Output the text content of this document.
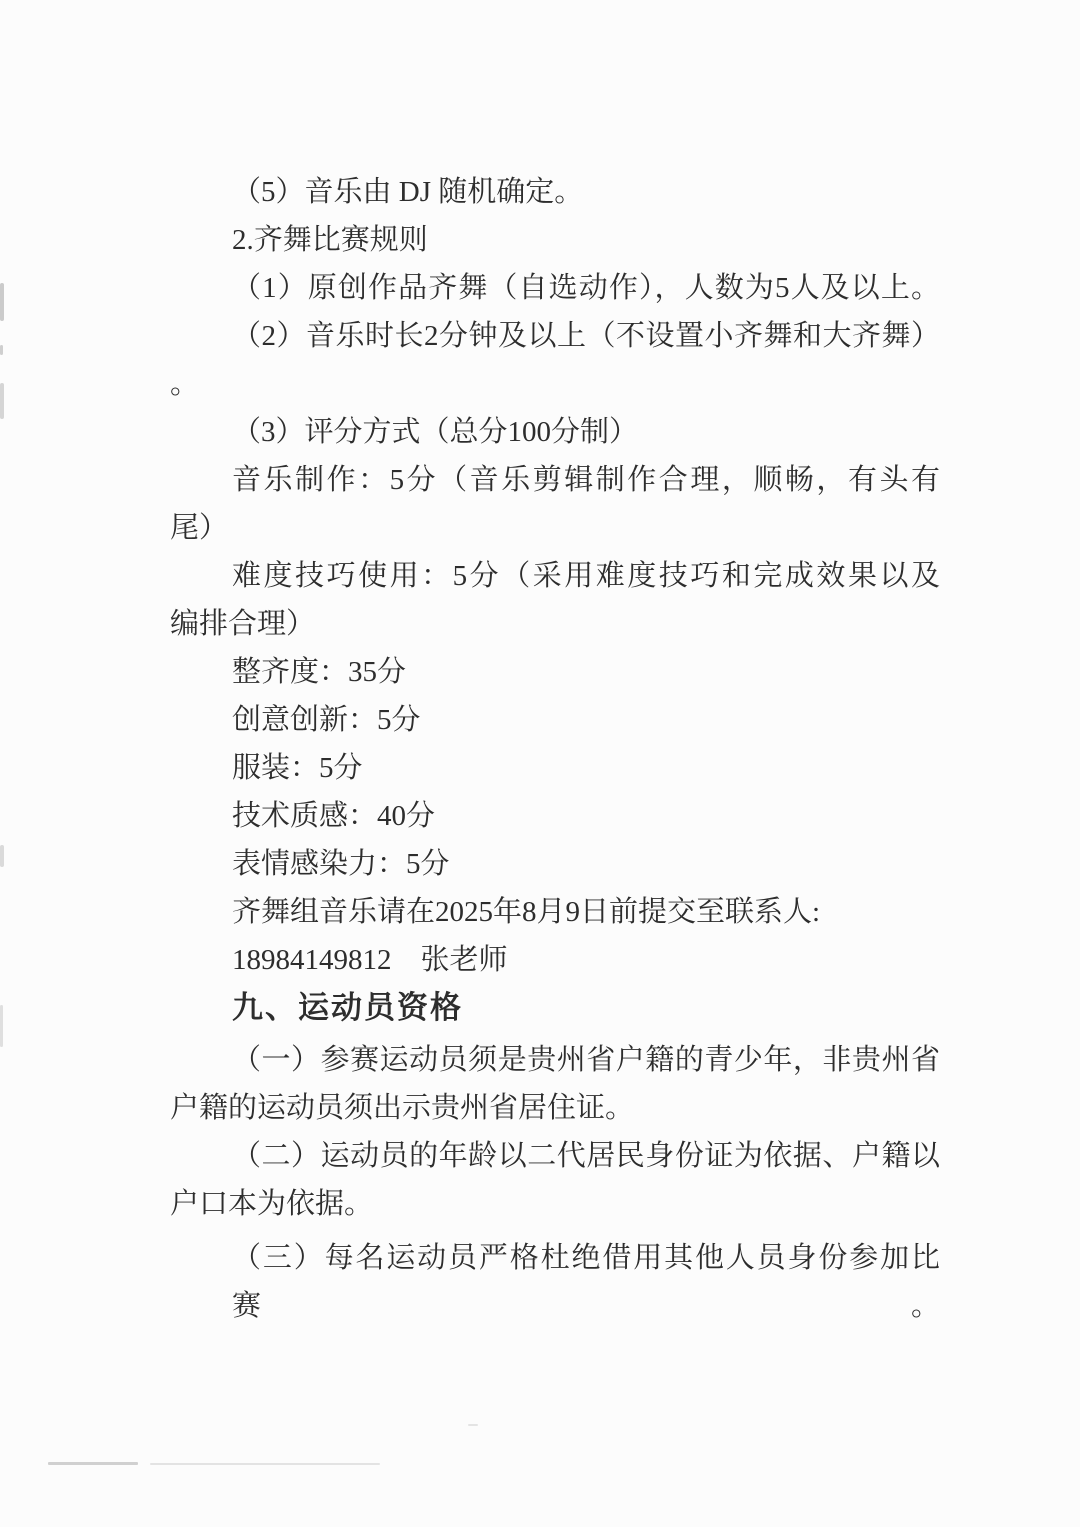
（5）音乐由 DJ 随机确定。
2.齐舞比赛规则
（1）原创作品齐舞（自选动作），人数为5人及以上。
（2）音乐时长2分钟及以上（不设置小齐舞和大齐舞）
。
（3）评分方式（总分100分制）
音乐制作：5分（音乐剪辑制作合理，顺畅，有头有
尾）
难度技巧使用：5分（采用难度技巧和完成效果以及
编排合理）
整齐度：35分
创意创新：5分
服装：5分
技术质感：40分
表情感染力：5分
齐舞组音乐请在2025年8月9日前提交至联系人:
18984149812　张老师
九、运动员资格
（一）参赛运动员须是贵州省户籍的青少年，非贵州省
户籍的运动员须出示贵州省居住证。
（二）运动员的年龄以二代居民身份证为依据、户籍以
户口本为依据。
（三）每名运动员严格杜绝借用其他人员身份参加比赛。
